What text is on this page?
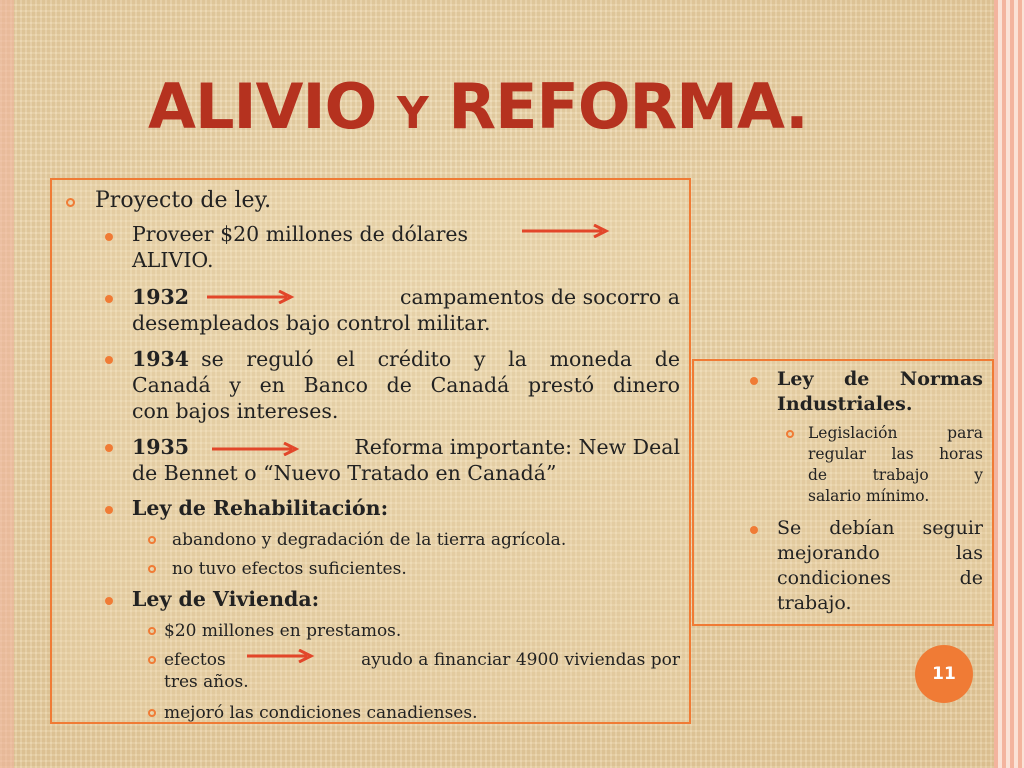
ALIVIO Y REFORMA.
Proyecto de ley.
Proveer $20 millones de dólares
ALIVIO.
1932	campamentos de socorro a
desempleados bajo control militar.
1934 se reguló el crédito y la moneda de
Canadá y en Banco de Canadá prestó dinero
con bajos intereses.
1935	Reforma importante: New Deal
de Bennet o “Nuevo Tratado en Canadá”
Ley de Rehabilitación:
abandono y degradación de la tierra agrícola.
no tuvo efectos suficientes.
Ley de Vivienda:
$20 millones en prestamos.
efectos	ayudo a financiar 4900 viviendas por
tres años.
mejoró las condiciones canadienses.
Ley de Normas
Industriales.
Legislación para
regular las horas
de trabajo y
salario mínimo.
Se debían seguir
mejorando las
condiciones de
trabajo.
11
